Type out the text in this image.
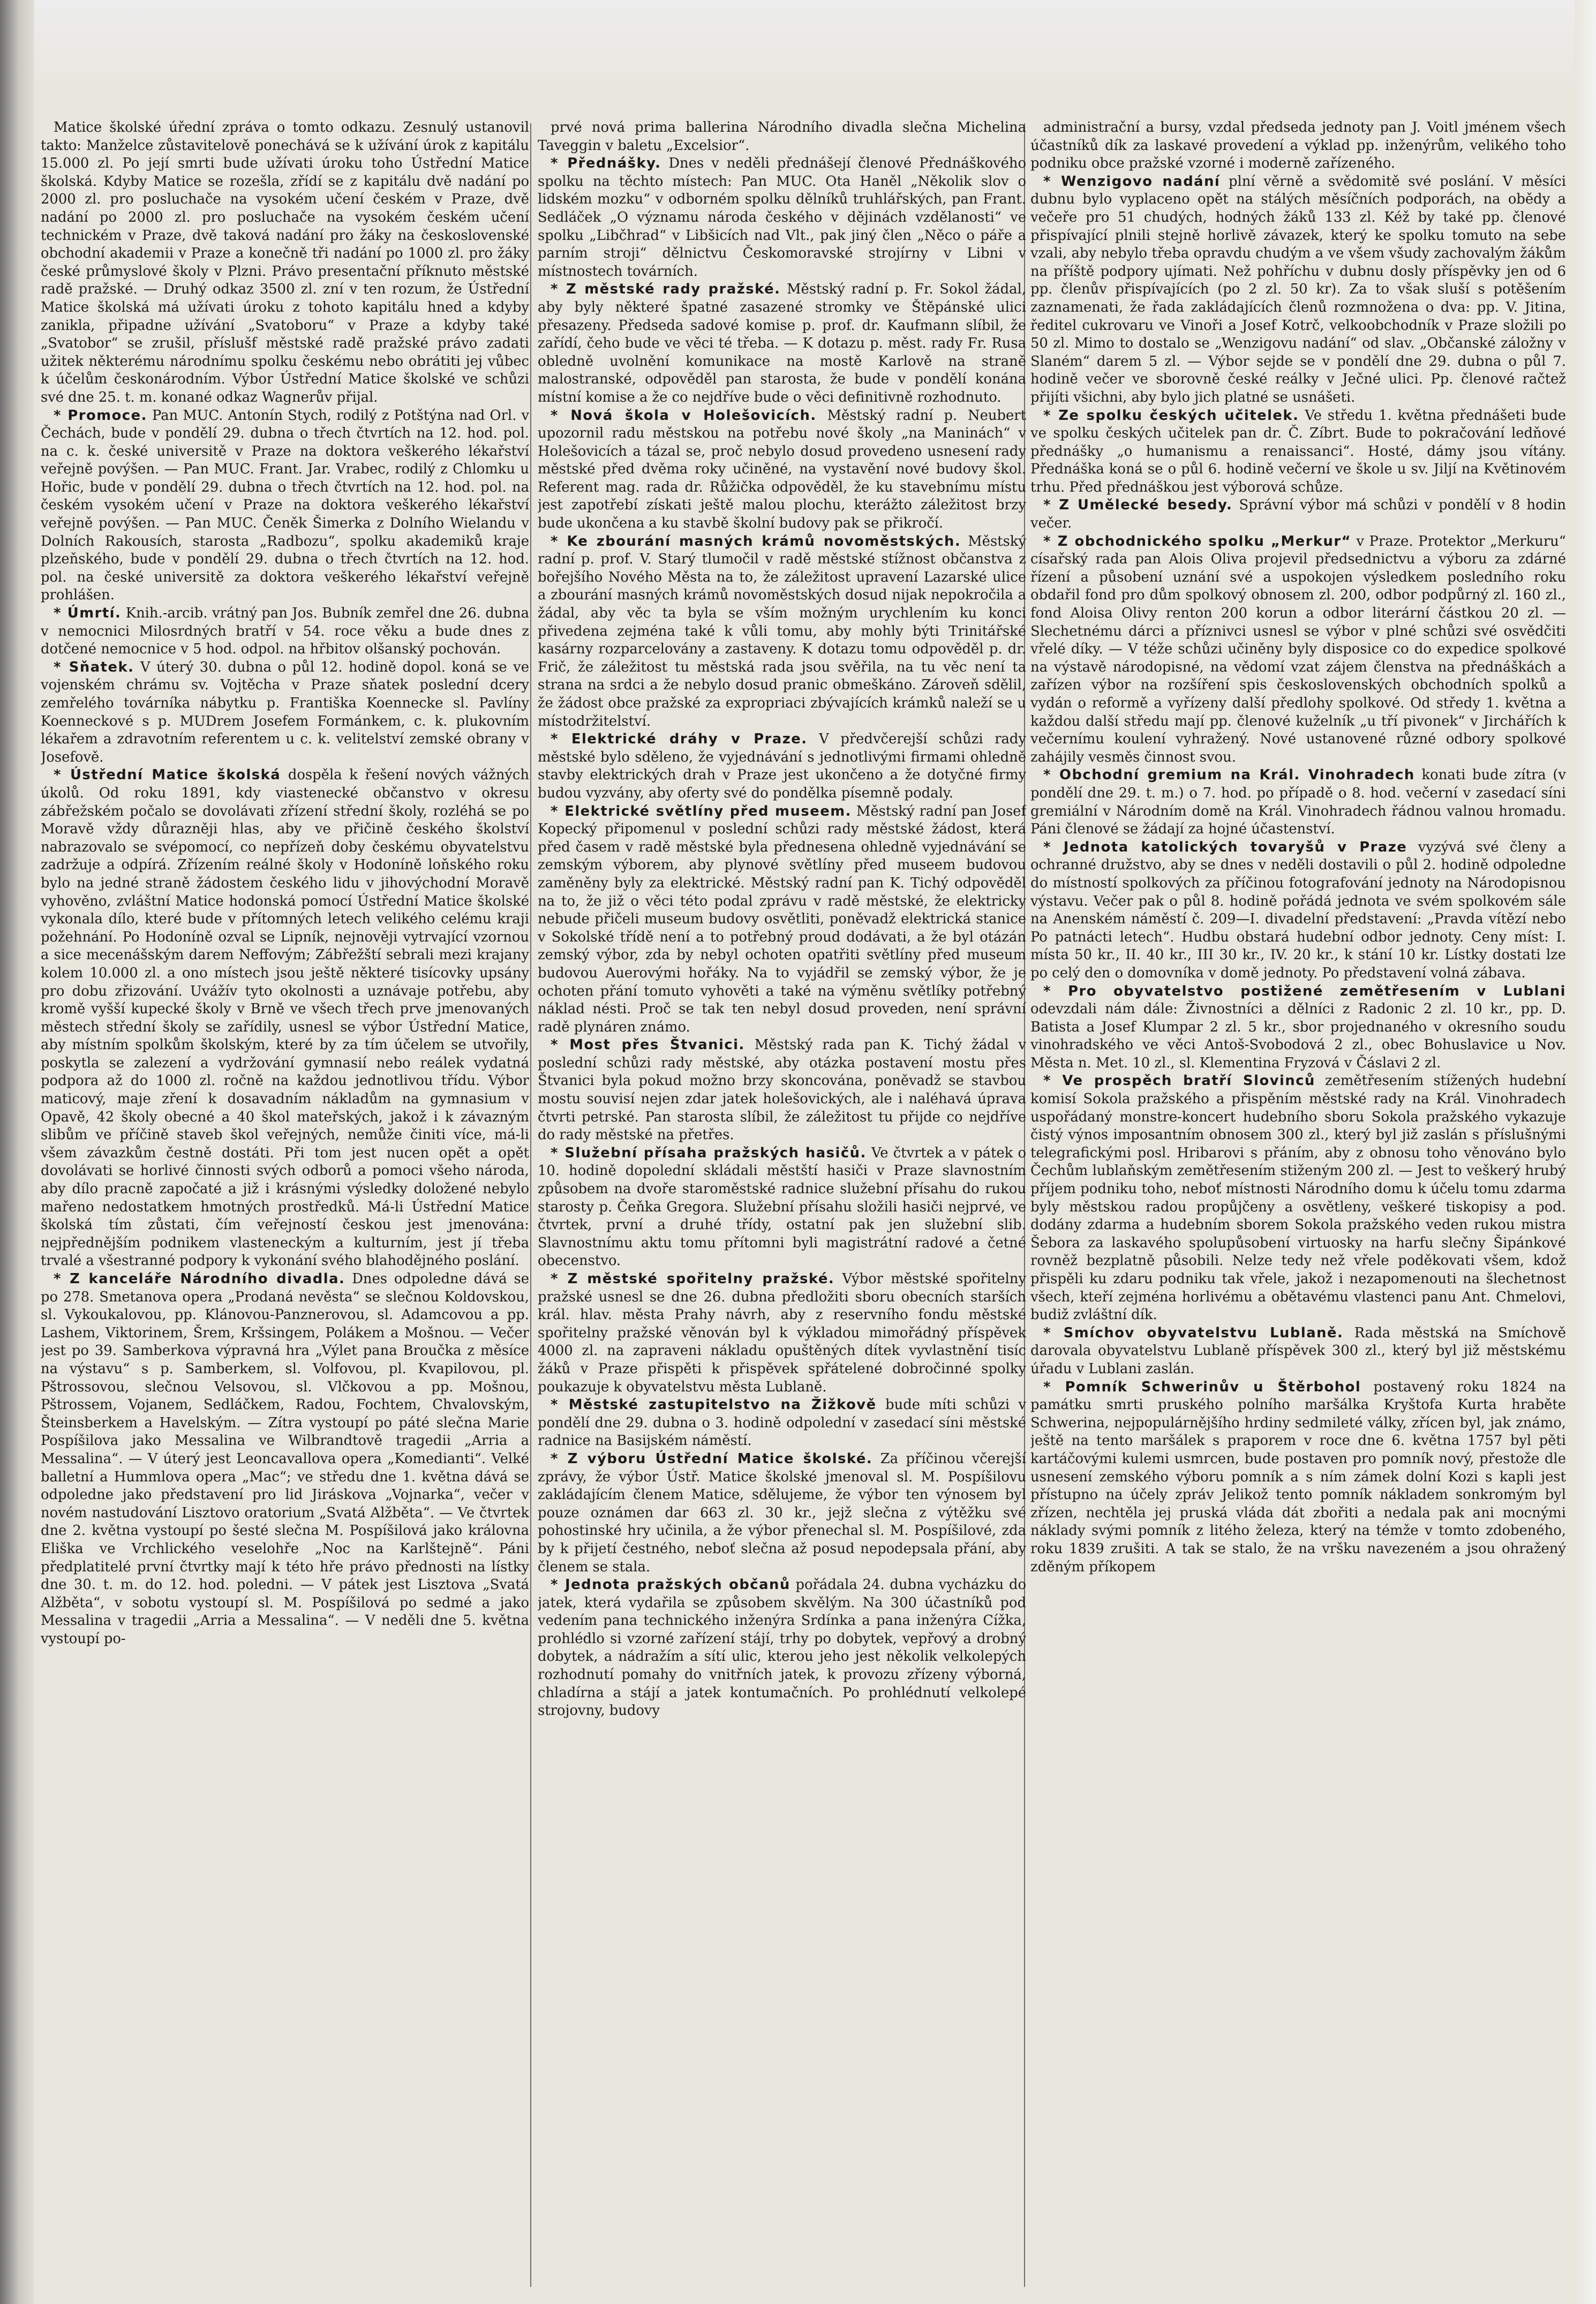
Matice školské úřední zpráva o tomto odkazu. Zesnulý ustanovil takto: Manželce zůstavitelově ponechává se k užívání úrok z kapitálu 15.000 zl. Po její smrti bude užívati úroku toho Ústřední Matice školská. Kdyby Matice se rozešla, zřídí se z kapitálu dvě nadání po 2000 zl. pro posluchače na vysokém učení českém v Praze, dvě nadání po 2000 zl. pro posluchače na vysokém českém učení technickém v Praze, dvě taková nadání pro žáky na československé obchodní akademii v Praze a konečně tři nadání po 1000 zl. pro žáky české průmyslové školy v Plzni. Právo presentační příknuto městské radě pražské. — Druhý odkaz 3500 zl. zní v ten rozum, že Ústřední Matice školská má užívati úroku z tohoto kapitálu hned a kdyby zanikla, připadne užívání „Svatoboru“ v Praze a kdyby také „Svatobor“ se zrušil, příslušf městské radě pražské právo zadati užitek některému národnímu spolku českému nebo obrátiti jej vůbec k účelům českonárodním. Výbor Ústřední Matice školské ve schůzi své dne 25. t. m. konané odkaz Wagnerův přijal.

* Promoce. Pan MUC. Antonín Stych, rodilý z Potštýna nad Orl. v Čechách, bude v pondělí 29. dubna o třech čtvrtích na 12. hod. pol. na c. k. české universitě v Praze na doktora veškerého lékařství veřejně povýšen. — Pan MUC. Frant. Jar. Vrabec, rodilý z Chlomku u Hořic, bude v pondělí 29. dubna o třech čtvrtích na 12. hod. pol. na českém vysokém učení v Praze na doktora veškerého lékařství veřejně povýšen. — Pan MUC. Čeněk Šimerka z Dolního Wielandu v Dolních Rakousích, starosta „Radbozu“, spolku akademiků kraje plzeňského, bude v pondělí 29. dubna o třech čtvrtích na 12. hod. pol. na české universitě za doktora veškerého lékařství veřejně prohlášen.

* Úmrtí. Knih.-arcib. vrátný pan Jos. Bubník zemřel dne 26. dubna v nemocnici Milosrdných bratří v 54. roce věku a bude dnes z dotčené nemocnice v 5 hod. odpol. na hřbitov olšanský pochován.

* Sňatek. V úterý 30. dubna o půl 12. hodině dopol. koná se ve vojenském chrámu sv. Vojtěcha v Praze sňatek poslední dcery zemřelého továrníka nábytku p. Františka Koennecke sl. Pavlíny Koenneckové s p. MUDrem Josefem Formánkem, c. k. plukovním lékařem a zdravotním referentem u c. k. velitelství zemské obrany v Josefově.

* Ústřední Matice školská dospěla k řešení nových vážných úkolů. Od roku 1891, kdy viastenecké občanstvo v okresu zábřežském počalo se dovolávati zřízení střední školy, rozléhá se po Moravě vždy důrazněji hlas, aby ve přičině českého školství nabrazovalo se svépomocí, co nepřízeň doby českému obyvatelstvu zadržuje a odpírá. Zřízením reálné školy v Hodoníně loňského roku bylo na jedné straně žádostem českého lidu v jihovýchodní Moravě vyhověno, zvláštní Matice hodonská pomocí Ústřední Matice školské vykonala dílo, které bude v přítomných letech velikého celému kraji požehnání. Po Hodoníně ozval se Lipník, nejnověji vytrvající vzornou a sice mecenášským darem Neffovým; Zábřežští sebrali mezi krajany kolem 10.000 zl. a ono místech jsou ještě některé tisícovky upsány pro dobu zřizování. Uvážív tyto okolnosti a uznávaje potřebu, aby kromě vyšší kupecké školy v Brně ve všech třech prve jmenovaných městech střední školy se zařídily, usnesl se výbor Ústřední Matice, aby místním spolkům školským, které by za tím účelem se utvořily, poskytla se zalezení a vydržování gymnasií nebo reálek vydatná podpora až do 1000 zl. ročně na každou jednotlivou třídu. Výbor maticový, maje zření k dosavadním nákladům na gymnasium v Opavě, 42 školy obecné a 40 škol mateřských, jakož i k závazným slibům ve příčině staveb škol veřejných, nemůže činiti více, má-li všem závazkům čestně dostáti. Při tom jest nucen opět a opět dovolávati se horlivé činnosti svých odborů a pomoci všeho národa, aby dílo pracně započaté a již i krásnými výsledky doložené nebylo mařeno nedostatkem hmotných prostředků. Má-li Ústřední Matice školská tím zůstati, čím veřejností českou jest jmenována: nejpřednějším podnikem vlasteneckým a kulturním, jest jí třeba trvalé a všestranné podpory k vykonání svého blahodějného poslání.

* Z kanceláře Národního divadla. Dnes odpoledne dává se po 278. Smetanova opera „Prodaná nevěsta“ se slečnou Koldovskou, sl. Vykoukalovou, pp. Klánovou-Panznerovou, sl. Adamcovou a pp. Lashem, Viktorinem, Šrem, Kršsingem, Polákem a Mošnou. — Večer jest po 39. Samberkova výpravná hra „Výlet pana Broučka z měsíce na výstavu“ s p. Samberkem, sl. Volfovou, pl. Kvapilovou, pl. Pštrossovou, slečnou Velsovou, sl. Vlčkovou a pp. Mošnou, Pštrossem, Vojanem, Sedláčkem, Radou, Fochtem, Chvalovským, Šteinsberkem a Havelským. — Zítra vystoupí po páté slečna Marie Pospíšilova jako Messalina ve Wilbrandtově tragedii „Arria a Messalina“. — V úterý jest Leoncavallova opera „Komedianti“. Velké balletní a Hummlova opera „Mac“; ve středu dne 1. května dává se odpoledne jako představení pro lid Jiráskova „Vojnarka“, večer v novém nastudování Lisztovo oratorium „Svatá Alžběta“. — Ve čtvrtek dne 2. května vystoupí po šesté slečna M. Pospíšilová jako královna Eliška ve Vrchlického veselohře „Noc na Karlštejně“. Páni předplatitelé první čtvrtky mají k této hře právo přednosti na lístky dne 30. t. m. do 12. hod. poledni. — V pátek jest Lisztova „Svatá Alžběta“, v sobotu vystoupí sl. M. Pospíšilová po sedmé a jako Messalina v tragedii „Arria a Messalina“. — V neděli dne 5. května vystoupí po-

prvé nová prima ballerina Národního divadla slečna Michelina Taveggin v baletu „Excelsior“.

* Přednášky. Dnes v neděli přednášejí členové Přednáškového spolku na těchto místech: Pan MUC. Ota Haněl „Několik slov o lidském mozku“ v odborném spolku dělníků truhlářských, pan Frant. Sedláček „O významu národa českého v dějinách vzdělanosti“ ve spolku „Libčhrad“ v Libšicích nad Vlt., pak jiný člen „Něco o páře a parním stroji“ dělnictvu Českomoravské strojírny v Libni v místnostech továrních.

* Z městské rady pražské. Městský radní p. Fr. Sokol žádal, aby byly některé špatné zasazené stromky ve Štěpánské ulici přesazeny. Předseda sadové komise p. prof. dr. Kaufmann slíbil, že zařídí, čeho bude ve věci té třeba. — K dotazu p. měst. rady Fr. Rusa obledně uvolnění komunikace na mostě Karlově na straně malostranské, odpověděl pan starosta, že bude v pondělí konána místní komise a že co nejdříve bude o věci definitivně rozhodnuto.

* Nová škola v Holešovicích. Městský radní p. Neubert upozornil radu městskou na potřebu nové školy „na Maninách“ v Holešovicích a tázal se, proč nebylo dosud provedeno usnesení rady městské před dvěma roky učiněné, na vystavění nové budovy škol. Referent mag. rada dr. Růžička odpověděl, že ku stavebnímu místu jest zapotřebí získati ještě malou plochu, kterážto záležitost brzy bude ukončena a ku stavbě školní budovy pak se přikročí.

* Ke zbourání masných krámů novoměstských. Městský radní p. prof. V. Starý tlumočil v radě městské stížnost občanstva z bořejšího Nového Města na to, že záležitost upravení Lazarské ulice a zbourání masných krámů novoměstských dosud nijak nepokročila a žádal, aby věc ta byla se vším možným urychlením ku konci přivedena zejména také k vůli tomu, aby mohly býti Trinitářské kasárny rozparcelovány a zastaveny. K dotazu tomu odpověděl p. dr. Frič, že záležitost tu městská rada jsou svěřila, na tu věc není ta strana na srdci a že nebylo dosud pranic obmeškáno. Zároveň sdělil, že žádost obce pražské za expropriaci zbývajících krámků naleží se u místodržitelství.

* Elektrické dráhy v Praze. V předvčerejší schůzi rady městské bylo sděleno, že vyjednávání s jednotlivými firmami ohledně stavby elektrických drah v Praze jest ukončeno a že dotyčné firmy budou vyzvány, aby oferty své do pondělka písemně podaly.

* Elektrické světlíny před museem. Městský radní pan Josef Kopecký připomenul v poslední schůzi rady městské žádost, která před časem v radě městské byla přednesena ohledně vyjednávání se zemským výborem, aby plynové světlíny před museem budovou zaměněny byly za elektrické. Městský radní pan K. Tichý odpověděl na to, že již o věci této podal zprávu v radě městské, že elektricky nebude přičeli museum budovy osvětliti, poněvadž elektrická stanice v Sokolské třídě není a to potřebný proud dodávati, a že byl otázán zemský výbor, zda by nebyl ochoten opatřiti světlíny před museum budovou Auerovými hořáky. Na to vyjádřil se zemský výbor, že je ochoten přání tomuto vyhověti a také na výměnu světlíky potřebný náklad nésti. Proč se tak ten nebyl dosud proveden, není správní radě plynáren známo.

* Most přes Štvanici. Městský rada pan K. Tichý žádal v poslední schůzi rady městské, aby otázka postavení mostu přes Štvanici byla pokud možno brzy skoncována, poněvadž se stavbou mostu souvisí nejen zdar jatek holešovických, ale i naléhavá úprava čtvrti petrské. Pan starosta slíbil, že záležitost tu přijde co nejdříve do rady městské na přetřes.

* Služební přísaha pražských hasičů. Ve čtvrtek a v pátek o 10. hodině dopolední skládali městští hasiči v Praze slavnostním způsobem na dvoře staroměstské radnice služební přísahu do rukou starosty p. Čeňka Gregora. Služební přísahu složili hasiči nejprvé, ve čtvrtek, první a druhé třídy, ostatní pak jen služební slib. Slavnostnímu aktu tomu přítomni byli magistrátní radové a četné obecenstvo.

* Z městské spořitelny pražské. Výbor městské spořitelny pražské usnesl se dne 26. dubna předložiti sboru obecních starších král. hlav. města Prahy návrh, aby z reservního fondu městské spořitelny pražské věnován byl k výkladou mimořádný příspěvek 4000 zl. na zapraveni nákladu opuštěných dítek vyvlastnění tisíc žáků v Praze přispěti k přispěvek spřátelené dobročinné spolky poukazuje k obyvatelstvu města Lublaně.

* Městské zastupitelstvo na Žižkově bude míti schůzi v pondělí dne 29. dubna o 3. hodině odpolední v zasedací síni městské radnice na Basijském náměstí.

* Z výboru Ústřední Matice školské. Za příčinou včerejší zprávy, že výbor Ústř. Matice školské jmenoval sl. M. Pospíšilovu zakládajícím členem Matice, sdělujeme, že výbor ten výnosem byl pouze oznámen dar 663 zl. 30 kr., jejž slečna z výtěžku své pohostinské hry učinila, a že výbor přenechal sl. M. Pospíšilové, zda by k přijetí čestného, neboť slečna až posud nepodepsala přání, aby členem se stala.

* Jednota pražských občanů pořádala 24. dubna vycházku do jatek, která vydařila se způsobem skvělým. Na 300 účastníků pod vedením pana technického inženýra Srdínka a pana inženýra Cížka, prohlédlo si vzorné zařízení stájí, trhy po dobytek, vepřový a drobný dobytek, a nádražím a sítí ulic, kterou jeho jest několik velkolepých rozhodnutí pomahy do vnitřních jatek, k provozu zřízeny výborná, chladírna a stájí a jatek kontumačních. Po prohlédnutí velkolepé strojovny, budovy

administrační a bursy, vzdal předseda jednoty pan J. Voitl jménem všech účastníků dík za laskavé provedení a výklad pp. inženýrům, velikého toho podniku obce pražské vzorné i moderně zařízeného.

* Wenzigovo nadání plní věrně a svědomitě své poslání. V měsíci dubnu bylo vyplaceno opět na stálých měsíčních podporách, na obědy a večeře pro 51 chudých, hodných žáků 133 zl. Kéž by také pp. členové přispívající plnili stejně horlivě závazek, který ke spolku tomuto na sebe vzali, aby nebylo třeba opravdu chudým a ve všem všudy zachovalým žákům na příště podpory ujímati. Než pohříchu v dubnu dosly příspěvky jen od 6 pp. členův přispívajících (po 2 zl. 50 kr). Za to však sluší s potěšením zaznamenati, že řada zakládajících členů rozmnožena o dva: pp. V. Jitina, ředitel cukrovaru ve Vinoři a Josef Kotrč, velkoobchodník v Praze složili po 50 zl. Mimo to dostalo se „Wenzigovu nadání“ od slav. „Občanské záložny v Slaném“ darem 5 zl. — Výbor sejde se v pondělí dne 29. dubna o půl 7. hodině večer ve sborovně české reálky v Ječné ulici. Pp. členové račtež přijíti všichni, aby bylo jich platné se usnášeti.

* Ze spolku českých učitelek. Ve středu 1. května přednášeti bude ve spolku českých učitelek pan dr. Č. Zíbrt. Bude to pokračování ledňové přednášky „o humanismu a renaissanci“. Hosté, dámy jsou vítány. Přednáška koná se o půl 6. hodině večerní ve škole u sv. Jiljí na Květinovém trhu. Před přednáškou jest výborová schůze.

* Z Umělecké besedy. Správní výbor má schůzi v pondělí v 8 hodin večer.

* Z obchodnického spolku „Merkur“ v Praze. Protektor „Merkuru“ císařský rada pan Alois Oliva projevil předsednictvu a výboru za zdárné řízení a působení uznání své a uspokojen výsledkem posledního roku obdařil fond pro dům spolkový obnosem zl. 200, odbor podpůrný zl. 160 zl., fond Aloisa Olivy renton 200 korun a odbor literární částkou 20 zl. — Slechetnému dárci a příznivci usnesl se výbor v plné schůzi své osvědčiti vřelé díky. — V téže schůzi učiněny byly disposice co do expedice spolkové na výstavě národopisné, na vědomí vzat zájem členstva na přednáškách a zařízen výbor na rozšíření spis československých obchodních spolků a vydán o reformě a vyřízeny další předlohy spolkové. Od středy 1. května a každou další středu mají pp. členové kuželník „u tří pivonek“ v Jirchářích k večernímu koulení vyhražený. Nové ustanovené různé odbory spolkové zahájily vesměs činnost svou.

* Obchodní gremium na Král. Vinohradech konati bude zítra (v pondělí dne 29. t. m.) o 7. hod. po případě o 8. hod. večerní v zasedací síni gremiální v Národním domě na Král. Vinohradech řádnou valnou hromadu. Páni členové se žádají za hojné účastenství.

* Jednota katolických tovaryšů v Praze vyzývá své členy a ochranné družstvo, aby se dnes v neděli dostavili o půl 2. hodině odpoledne do místností spolkových za příčinou fotografování jednoty na Národopisnou výstavu. Večer pak o půl 8. hodině pořádá jednota ve svém spolkovém sále na Anenském náměstí č. 209—I. divadelní představení: „Pravda vítězí nebo Po patnácti letech“. Hudbu obstará hudební odbor jednoty. Ceny míst: I. místa 50 kr., II. 40 kr., III 30 kr., IV. 20 kr., k stání 10 kr. Lístky dostati lze po celý den o domovníka v domě jednoty. Po představení volná zábava.

* Pro obyvatelstvo postižené zemětřesením v Lublani odevzdali nám dále: Živnostníci a dělníci z Radonic 2 zl. 10 kr., pp. D. Batista a Josef Klumpar 2 zl. 5 kr., sbor projednaného v okresního soudu vinohradského ve věci Antoš-Svobodová 2 zl., obec Bohuslavice u Nov. Města n. Met. 10 zl., sl. Klementina Fryzová v Čáslavi 2 zl.

* Ve prospěch bratří Slovinců zemětřesením stížených hudební komisí Sokola pražského a přispěním městské rady na Král. Vinohradech uspořádaný monstre-koncert hudebního sboru Sokola pražského vykazuje čistý výnos imposantním obnosem 300 zl., který byl již zaslán s příslušnými telegrafickými posl. Hribarovi s přáním, aby z obnosu toho věnováno bylo Čechům lublaňským zemětřesením stiženým 200 zl. — Jest to veškerý hrubý příjem podniku toho, neboť místnosti Národního domu k účelu tomu zdarma byly městskou radou propůjčeny a osvětleny, veškeré tiskopisy a pod. dodány zdarma a hudebním sborem Sokola pražského veden rukou mistra Šebora za laskavého spolupůsobení virtuosky na harfu slečny Šipánkové rovněž bezplatně působili. Nelze tedy než vřele poděkovati všem, kdož přispěli ku zdaru podniku tak vřele, jakož i nezapomenouti na šlechetnost všech, kteří zejména horlivému a obětavému vlastenci panu Ant. Chmelovi, budiž zvláštní dík.

* Smíchov obyvatelstvu Lublaně. Rada městská na Smíchově darovala obyvatelstvu Lublaně příspěvek 300 zl., který byl již městskému úřadu v Lublani zaslán.

* Pomník Schwerinův u Štěrbohol postavený roku 1824 na památku smrti pruského polního maršálka Kryštofa Kurta hraběte Schwerina, nejpopulárnějšího hrdiny sedmileté války, zřícen byl, jak známo, ještě na tento maršálek s praporem v roce dne 6. května 1757 byl pěti kartáčovými kulemi usmrcen, bude postaven pro pomník nový, přestože dle usnesení zemského výboru pomník a s ním zámek dolní Kozi s kapli jest přístupno na účely zpráv Jelikož tento pomník nákladem sonkromým byl zřízen, nechtěla jej pruská vláda dát zbořiti a nedala pak ani mocnými náklady svými pomník z litého železa, který na témže v tomto zdobeného, roku 1839 zrušiti. A tak se stalo, že na vršku navezeném a jsou ohražený zděným příkopem
